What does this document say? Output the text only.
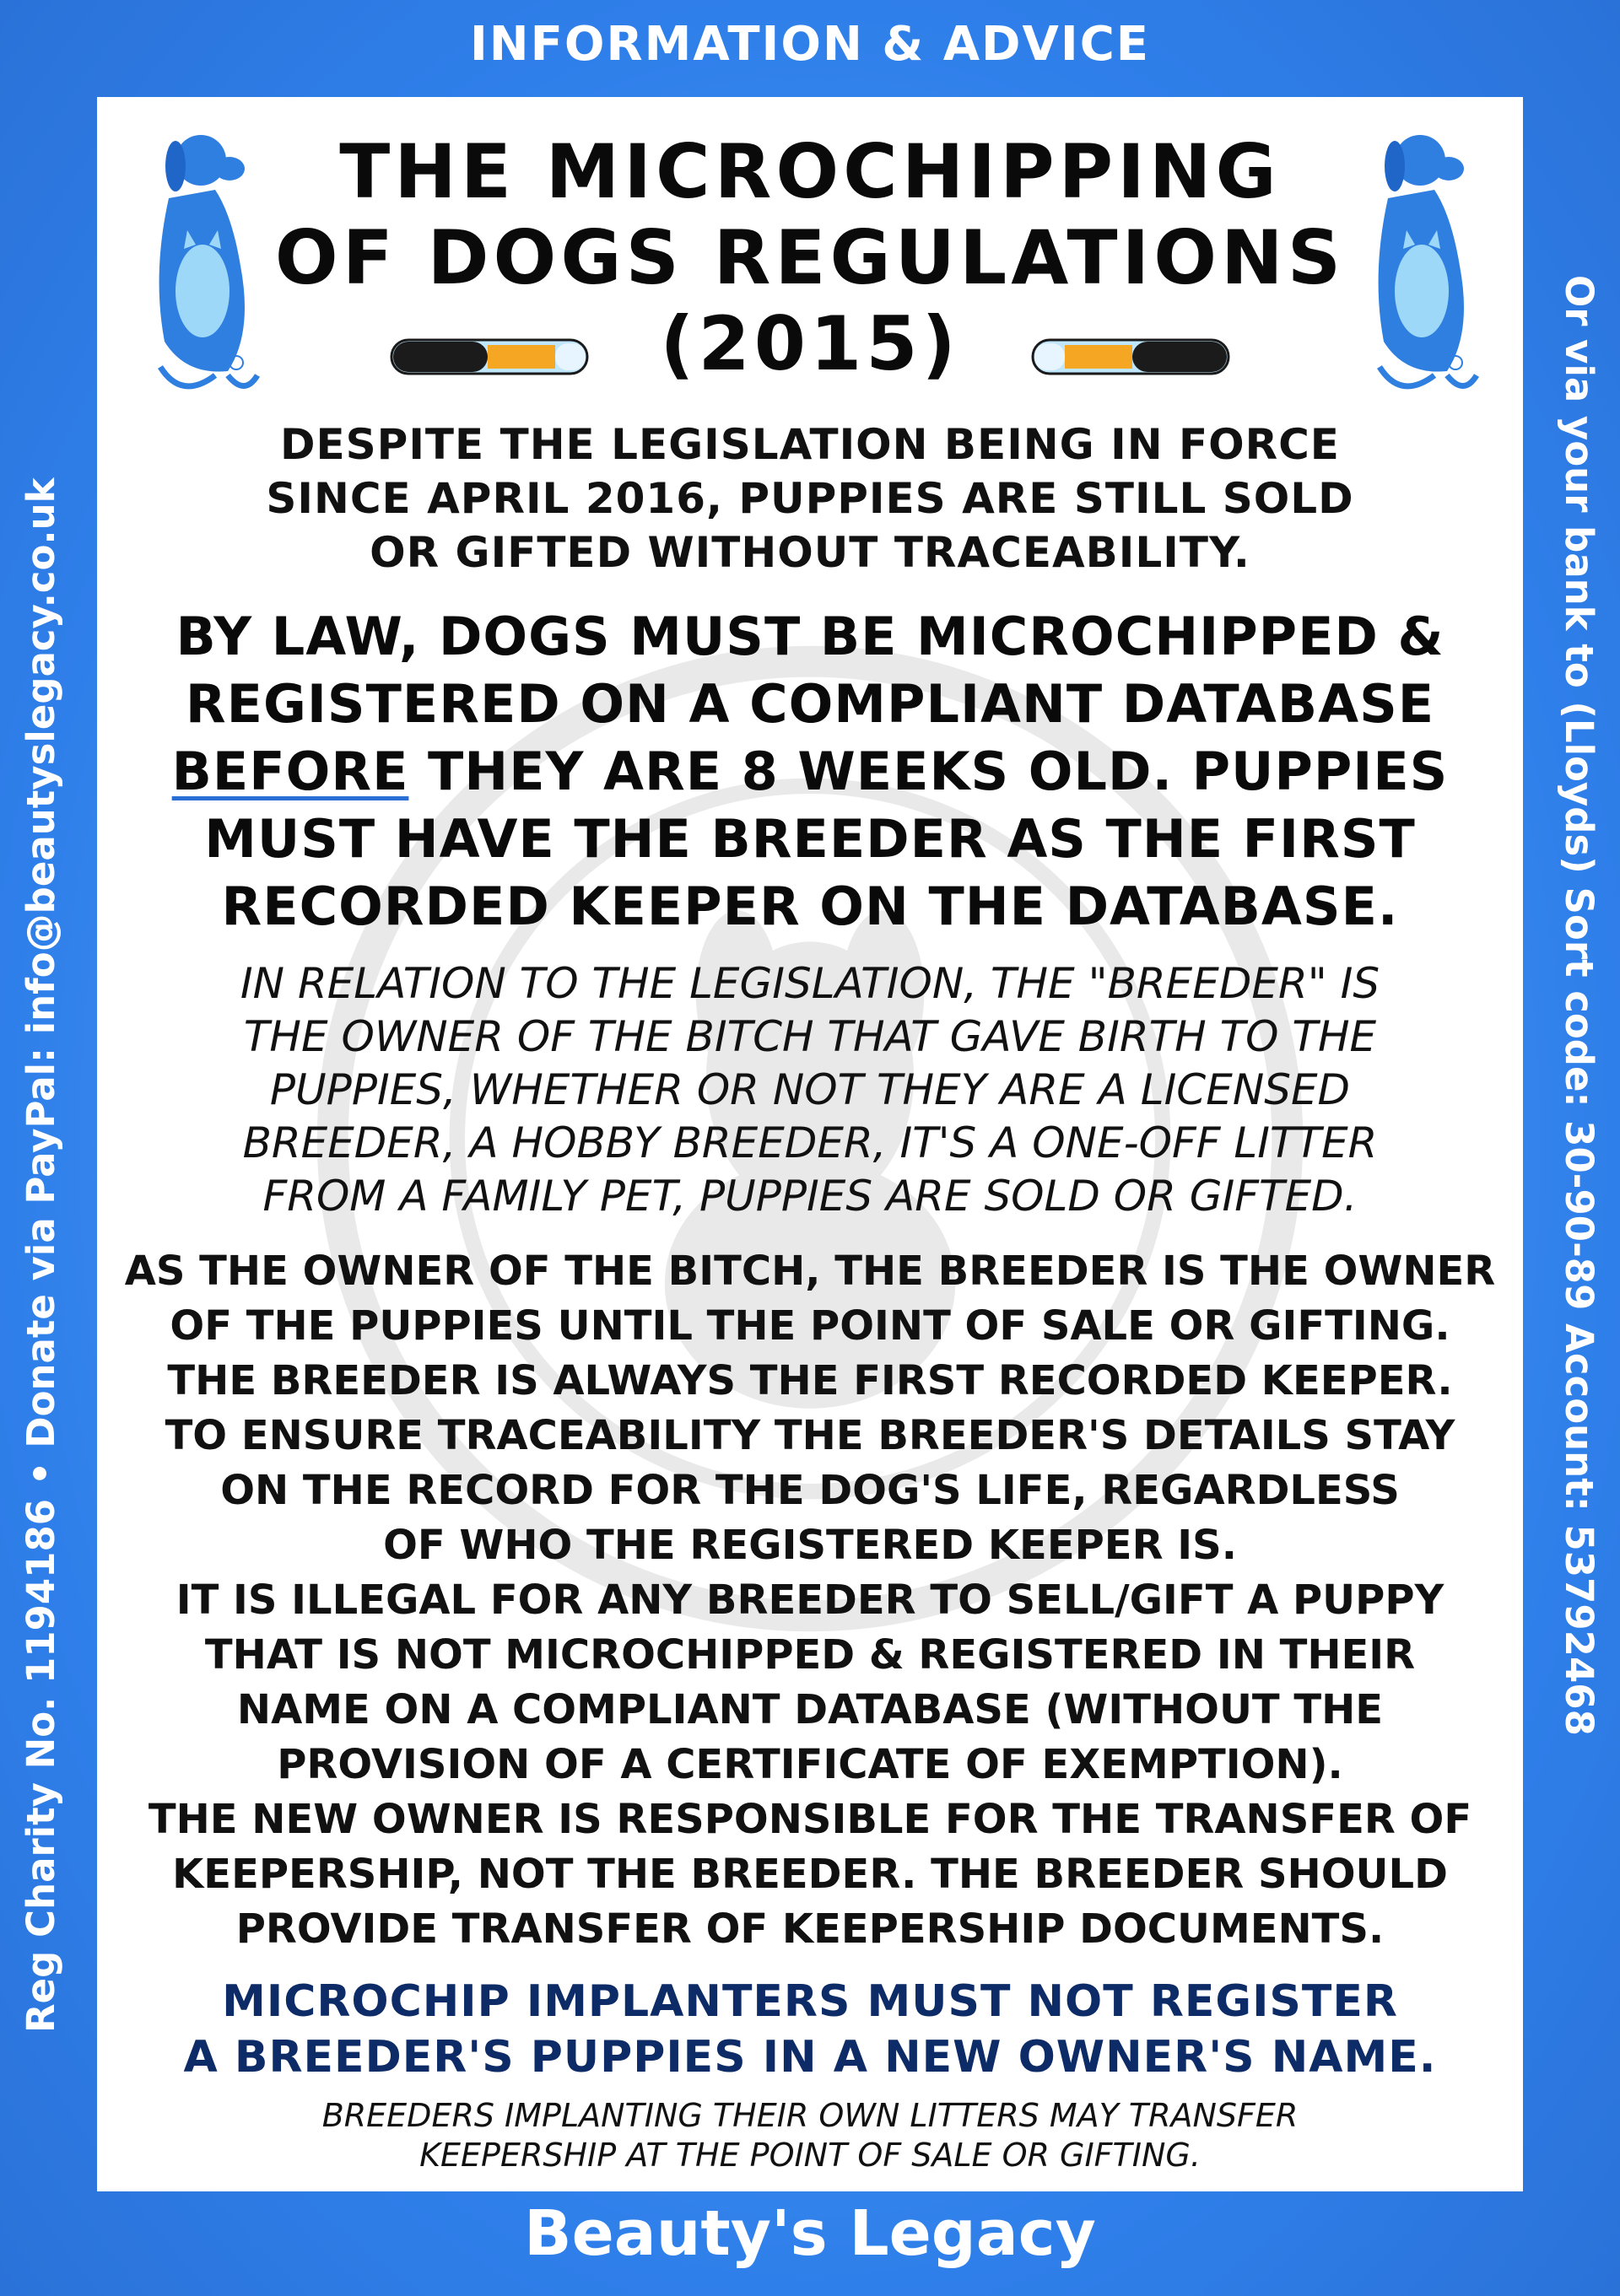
INFORMATION & ADVICE
Reg Charity No. 1194186 • Donate via PayPal: info@beautyslegacy.co.uk	Or via your bank to (Lloyds) Sort code: 30-90-89 Account: 53792468
Beauty's Legacy
THE MICROCHIPPING
OF DOGS REGULATIONS
(2015)
DESPITE THE LEGISLATION BEING IN FORCE
SINCE APRIL 2016, PUPPIES ARE STILL SOLD
OR GIFTED WITHOUT TRACEABILITY.
BY LAW, DOGS MUST BE MICROCHIPPED &
REGISTERED ON A COMPLIANT DATABASE
BEFORE THEY ARE 8 WEEKS OLD. PUPPIES
MUST HAVE THE BREEDER AS THE FIRST
RECORDED KEEPER ON THE DATABASE.
IN RELATION TO THE LEGISLATION, THE "BREEDER" IS
THE OWNER OF THE BITCH THAT GAVE BIRTH TO THE
PUPPIES, WHETHER OR NOT THEY ARE A LICENSED
BREEDER, A HOBBY BREEDER, IT'S A ONE-OFF LITTER
FROM A FAMILY PET, PUPPIES ARE SOLD OR GIFTED.
AS THE OWNER OF THE BITCH, THE BREEDER IS THE OWNER
OF THE PUPPIES UNTIL THE POINT OF SALE OR GIFTING.
THE BREEDER IS ALWAYS THE FIRST RECORDED KEEPER.
TO ENSURE TRACEABILITY THE BREEDER'S DETAILS STAY
ON THE RECORD FOR THE DOG'S LIFE, REGARDLESS
OF WHO THE REGISTERED KEEPER IS.
IT IS ILLEGAL FOR ANY BREEDER TO SELL/GIFT A PUPPY
THAT IS NOT MICROCHIPPED & REGISTERED IN THEIR
NAME ON A COMPLIANT DATABASE (WITHOUT THE
PROVISION OF A CERTIFICATE OF EXEMPTION).
THE NEW OWNER IS RESPONSIBLE FOR THE TRANSFER OF
KEEPERSHIP, NOT THE BREEDER. THE BREEDER SHOULD
PROVIDE TRANSFER OF KEEPERSHIP DOCUMENTS.
MICROCHIP IMPLANTERS MUST NOT REGISTER
A BREEDER'S PUPPIES IN A NEW OWNER'S NAME.
BREEDERS IMPLANTING THEIR OWN LITTERS MAY TRANSFER
KEEPERSHIP AT THE POINT OF SALE OR GIFTING.
